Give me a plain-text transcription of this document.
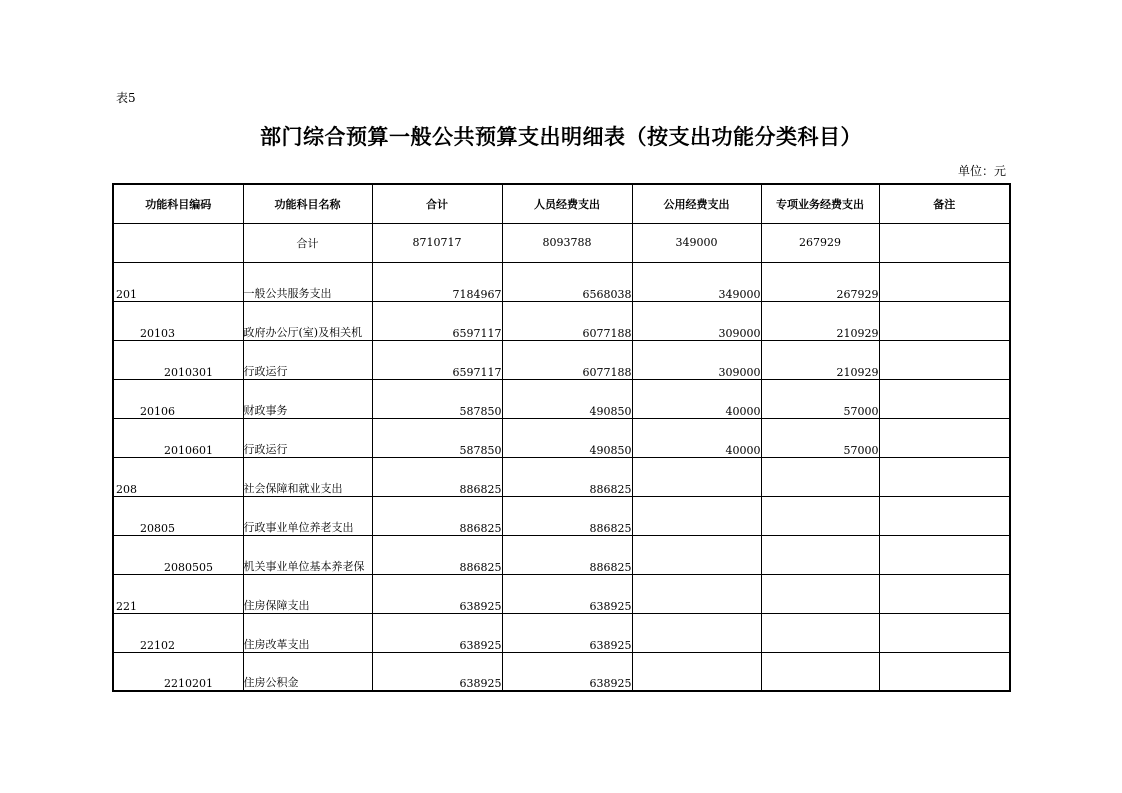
表5
部门综合预算一般公共预算支出明细表（按支出功能分类科目）
单位：元
功能科目编码	功能科目名称	合计	人员经费支出	公用经费支出	专项业务经费支出	备注
	合计	8710717	8093788	349000	267929	
201	一般公共服务支出	7184967	6568038	349000	267929	
20103	政府办公厅(室)及相关机	6597117	6077188	309000	210929	
2010301	行政运行	6597117	6077188	309000	210929	
20106	财政事务	587850	490850	40000	57000	
2010601	行政运行	587850	490850	40000	57000	
208	社会保障和就业支出	886825	886825			
20805	行政事业单位养老支出	886825	886825			
2080505	机关事业单位基本养老保	886825	886825			
221	住房保障支出	638925	638925			
22102	住房改革支出	638925	638925			
2210201	住房公积金	638925	638925			
